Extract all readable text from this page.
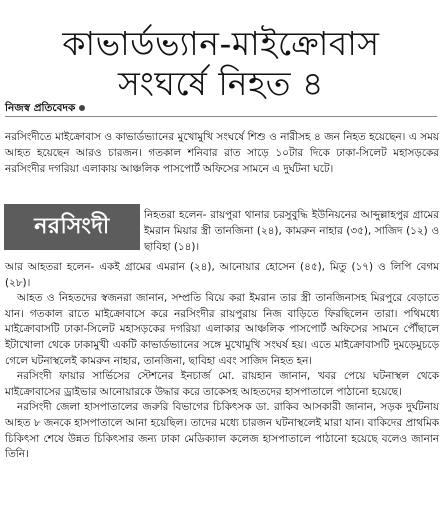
কাভার্ডভ্যান-মাইক্রোবাস
সংঘর্ষে নিহত ৪
নিজস্ব প্রতিবেদক

নরসিংদীতে মাইক্রোবাস ও কাভার্ডভ্যানের মুখোমুখি সংঘর্ষে শিশু ও নারীসহ ৪ জন নিহত হয়েছেন। এ সময় আহত হয়েছেন আরও চারজন। গতকাল শনিবার রাত সাড়ে ১০টার দিকে ঢাকা-সিলেট মহাসড়কের নরসিংদীর দগরিয়া এলাকায় আঞ্চলিক পাসপোর্ট অফিসের সামনে এ দুর্ঘটনা ঘটে।

নরসিংদী	নিহতরা হলেন- রায়পুরা থানার চরসুবুদ্ধি ইউনিয়নের আব্দুল্লাহপুর গ্রামের ইমরান মিয়ার স্ত্রী তানজিনা (২৪), কামরুন নাহার (৩৫), সাজিদ (১২) ও ছাবিহা (১৪)।

আর আহতরা হলেন- একই গ্রামের এমরান (২৪), আনোয়ার হোসেন (৪৫), মিতু (১৭) ও লিপি বেগম (২৮)।
আহত ও নিহতদের স্বজনরা জানান, সম্প্রতি বিয়ে করা ইমরান তার স্ত্রী তানজিনাসহ মিরপুরে বেড়াতে যান। গতকাল রাতে মাইক্রোবাসে করে নরসিংদীর রায়পুরায় নিজ বাড়িতে ফিরছিলেন তারা। পথিমধ্যে মাইক্রোবাসটি ঢাকা-সিলেট মহাসড়কের দগরিয়া এলাকার আঞ্চলিক পাসপোর্ট অফিসের সামনে পৌঁছালে ইটাখোলা থেকে ঢাকামুখী একটি কাভার্ডভ্যানের সঙ্গে মুখোমুখি সংঘর্ষ হয়। এতে মাইক্রোবাসটি দুমড়েমুচড়ে গেলে ঘটনাস্থলেই কামরুন নাহার, তানজিনা, ছাবিহা এবং সাজিদ নিহত হন।
নরসিংদী ফায়ার সার্ভিসের স্টেশনের ইনচার্জ মো. রায়হান জানান, খবর পেয়ে ঘটনাস্থল থেকে মাইক্রোবাসের ড্রাইভার আনোয়ারকে উদ্ধার করে তাকেসহ আহতদের হাসপাতালে পাঠানো হয়েছে।
নরসিংদী জেলা হাসপাতালের জরুরি বিভাগের চিকিৎসক ডা. রাকিব আসকারী জানান, সড়ক দুর্ঘটনায় আহত ৮ জনকে হাসপাতালে আনা হয়েছিল। তাদের মধ্যে চারজন ঘটনাস্থলেই মারা যান। বাকিদের প্রাথমিক চিকিৎসা শেষে উন্নত চিকিৎসার জন্য ঢাকা মেডিক্যাল কলেজ হাসপাতালে পাঠানো হয়েছে বলেও জানান তিনি।
